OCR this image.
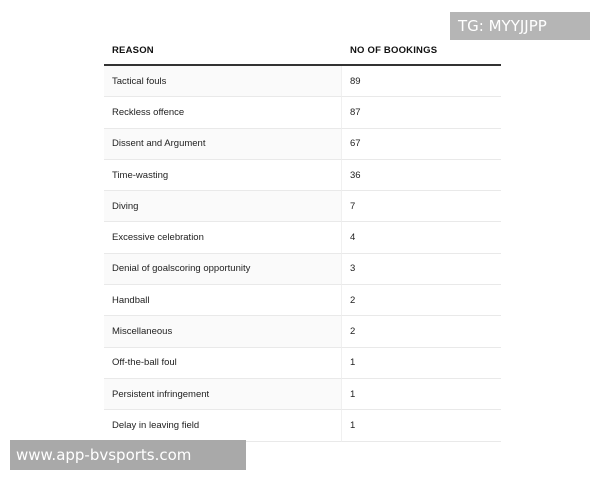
REASON	NO OF BOOKINGS
Tactical fouls	89
Reckless offence	87
Dissent and Argument	67
Time-wasting	36
Diving	7
Excessive celebration	4
Denial of goalscoring opportunity	3
Handball	2
Miscellaneous	2
Off-the-ball foul	1
Persistent infringement	1
Delay in leaving field	1
TG: MYYJJPP
www.app-bvsports.com
